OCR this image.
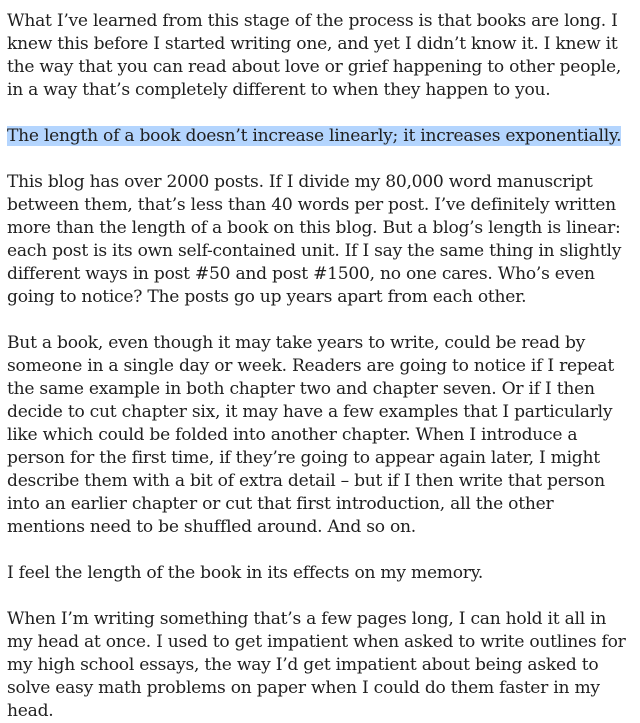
What I’ve learned from this stage of the process is that books are long. I knew this before I started writing one, and yet I didn’t know it. I knew it the way that you can read about love or grief happening to other people, in a way that’s completely different to when they happen to you.

The length of a book doesn’t increase linearly; it increases exponentially.

This blog has over 2000 posts. If I divide my 80,000 word manuscript between them, that’s less than 40 words per post. I’ve definitely written more than the length of a book on this blog. But a blog’s length is linear: each post is its own self-contained unit. If I say the same thing in slightly different ways in post #50 and post #1500, no one cares. Who’s even going to notice? The posts go up years apart from each other.

But a book, even though it may take years to write, could be read by someone in a single day or week. Readers are going to notice if I repeat the same example in both chapter two and chapter seven. Or if I then decide to cut chapter six, it may have a few examples that I particularly like which could be folded into another chapter. When I introduce a person for the first time, if they’re going to appear again later, I might describe them with a bit of extra detail – but if I then write that person into an earlier chapter or cut that first introduction, all the other mentions need to be shuffled around. And so on.

I feel the length of the book in its effects on my memory.

When I’m writing something that’s a few pages long, I can hold it all in my head at once. I used to get impatient when asked to write outlines for my high school essays, the way I’d get impatient about being asked to solve easy math problems on paper when I could do them faster in my head.
